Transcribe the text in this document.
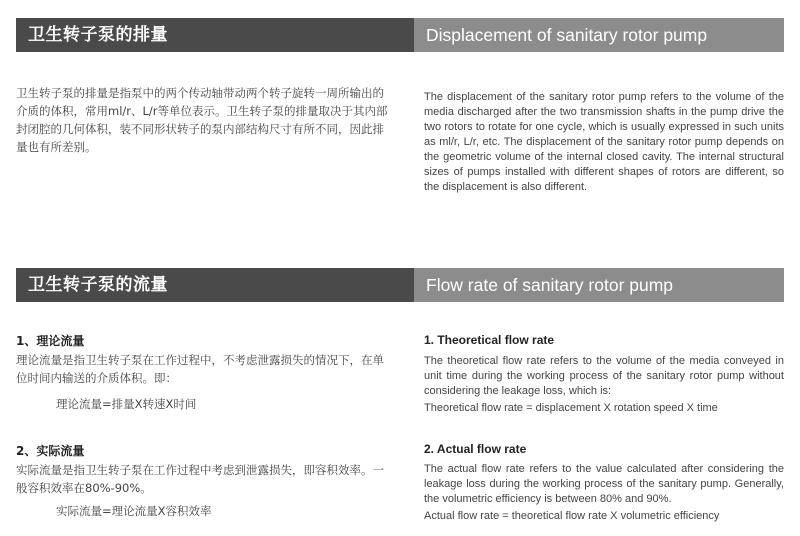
卫生转子泵的排量	Displacement of sanitary rotor pump
卫生转子泵的排量是指泵中的两个传动轴带动两个转子旋转一周所输出的介质的体积，常用ml/r、L/r等单位表示。卫生转子泵的排量取决于其内部封闭腔的几何体积，装不同形状转子的泵内部结构尺寸有所不同，因此排量也有所差别。
The displacement of the sanitary rotor pump refers to the volume of the media discharged after the two transmission shafts in the pump drive the two rotors to rotate for one cycle, which is usually expressed in such units as ml/r, L/r, etc. The displacement of the sanitary rotor pump depends on the geometric volume of the internal closed cavity. The internal structural sizes of pumps installed with different shapes of rotors are different, so the displacement is also different.
卫生转子泵的流量	Flow rate of sanitary rotor pump
1、理论流量
理论流量是指卫生转子泵在工作过程中，不考虑泄露损失的情况下，在单位时间内输送的介质体积。即：
理论流量=排量X转速X时间
1. Theoretical flow rate
The theoretical flow rate refers to the volume of the media conveyed in unit time during the working process of the sanitary rotor pump without considering the leakage loss, which is:
Theoretical flow rate = displacement X rotation speed X time
2、实际流量
实际流量是指卫生转子泵在工作过程中考虑到泄露损失，即容积效率。一般容积效率在80%-90%。
实际流量=理论流量X容积效率
2. Actual flow rate
The actual flow rate refers to the value calculated after considering the leakage loss during the working process of the sanitary pump. Generally, the volumetric efficiency is between 80% and 90%.
Actual flow rate = theoretical flow rate X volumetric efficiency
